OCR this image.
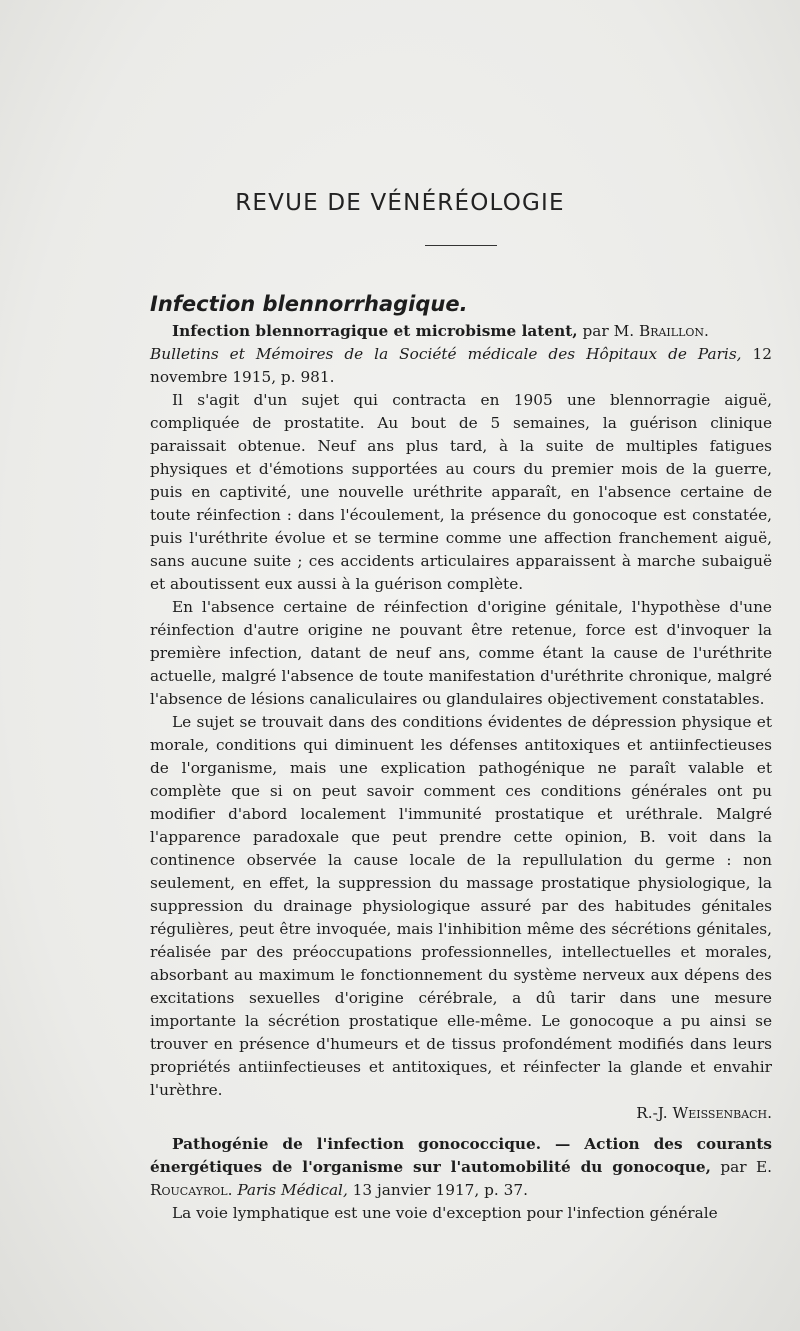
REVUE DE VÉNÉRÉOLOGIE
Infection blennorrhagique.

Infection blennorragique et microbisme latent, par M. Braillon.

Bulletins et Mémoires de la Société médicale des Hôpitaux de Paris, 12 novembre 1915, p. 981.

Il s'agit d'un sujet qui contracta en 1905 une blennorragie aiguë, compliquée de prostatite. Au bout de 5 semaines, la guérison clinique paraissait obtenue. Neuf ans plus tard, à la suite de multiples fatigues physiques et d'émotions supportées au cours du premier mois de la guerre, puis en captivité, une nouvelle uréthrite apparaît, en l'absence certaine de toute réinfection : dans l'écoulement, la présence du gonocoque est constatée, puis l'uréthrite évolue et se termine comme une affection franchement aiguë, sans aucune suite ; ces accidents articulaires apparaissent à marche subaiguë et aboutissent eux aussi à la guérison complète.

En l'absence certaine de réinfection d'origine génitale, l'hypothèse d'une réinfection d'autre origine ne pouvant être retenue, force est d'invoquer la première infection, datant de neuf ans, comme étant la cause de l'uréthrite actuelle, malgré l'absence de toute manifestation d'uréthrite chronique, malgré l'absence de lésions canaliculaires ou glandulaires objectivement constatables.

Le sujet se trouvait dans des conditions évidentes de dépression physique et morale, conditions qui diminuent les défenses antitoxiques et antiinfectieuses de l'organisme, mais une explication pathogénique ne paraît valable et complète que si on peut savoir comment ces conditions générales ont pu modifier d'abord localement l'immunité prostatique et uréthrale. Malgré l'apparence paradoxale que peut prendre cette opinion, B. voit dans la continence observée la cause locale de la repullulation du germe : non seulement, en effet, la suppression du massage prostatique physiologique, la suppression du drainage physiologique assuré par des habitudes génitales régulières, peut être invoquée, mais l'inhibition même des sécrétions génitales, réalisée par des préoccupations professionnelles, intellectuelles et morales, absorbant au maximum le fonctionnement du système nerveux aux dépens des excitations sexuelles d'origine cérébrale, a dû tarir dans une mesure importante la sécrétion prostatique elle-même. Le gonocoque a pu ainsi se trouver en présence d'humeurs et de tissus profondément modifiés dans leurs propriétés antiinfectieuses et antitoxiques, et réinfecter la glande et envahir l'urèthre.

R.-J. Weissenbach.

Pathogénie de l'infection gonococcique. — Action des courants énergétiques de l'organisme sur l'automobilité du gonocoque, par E. Roucayrol. Paris Médical, 13 janvier 1917, p. 37.

La voie lymphatique est une voie d'exception pour l'infection générale
